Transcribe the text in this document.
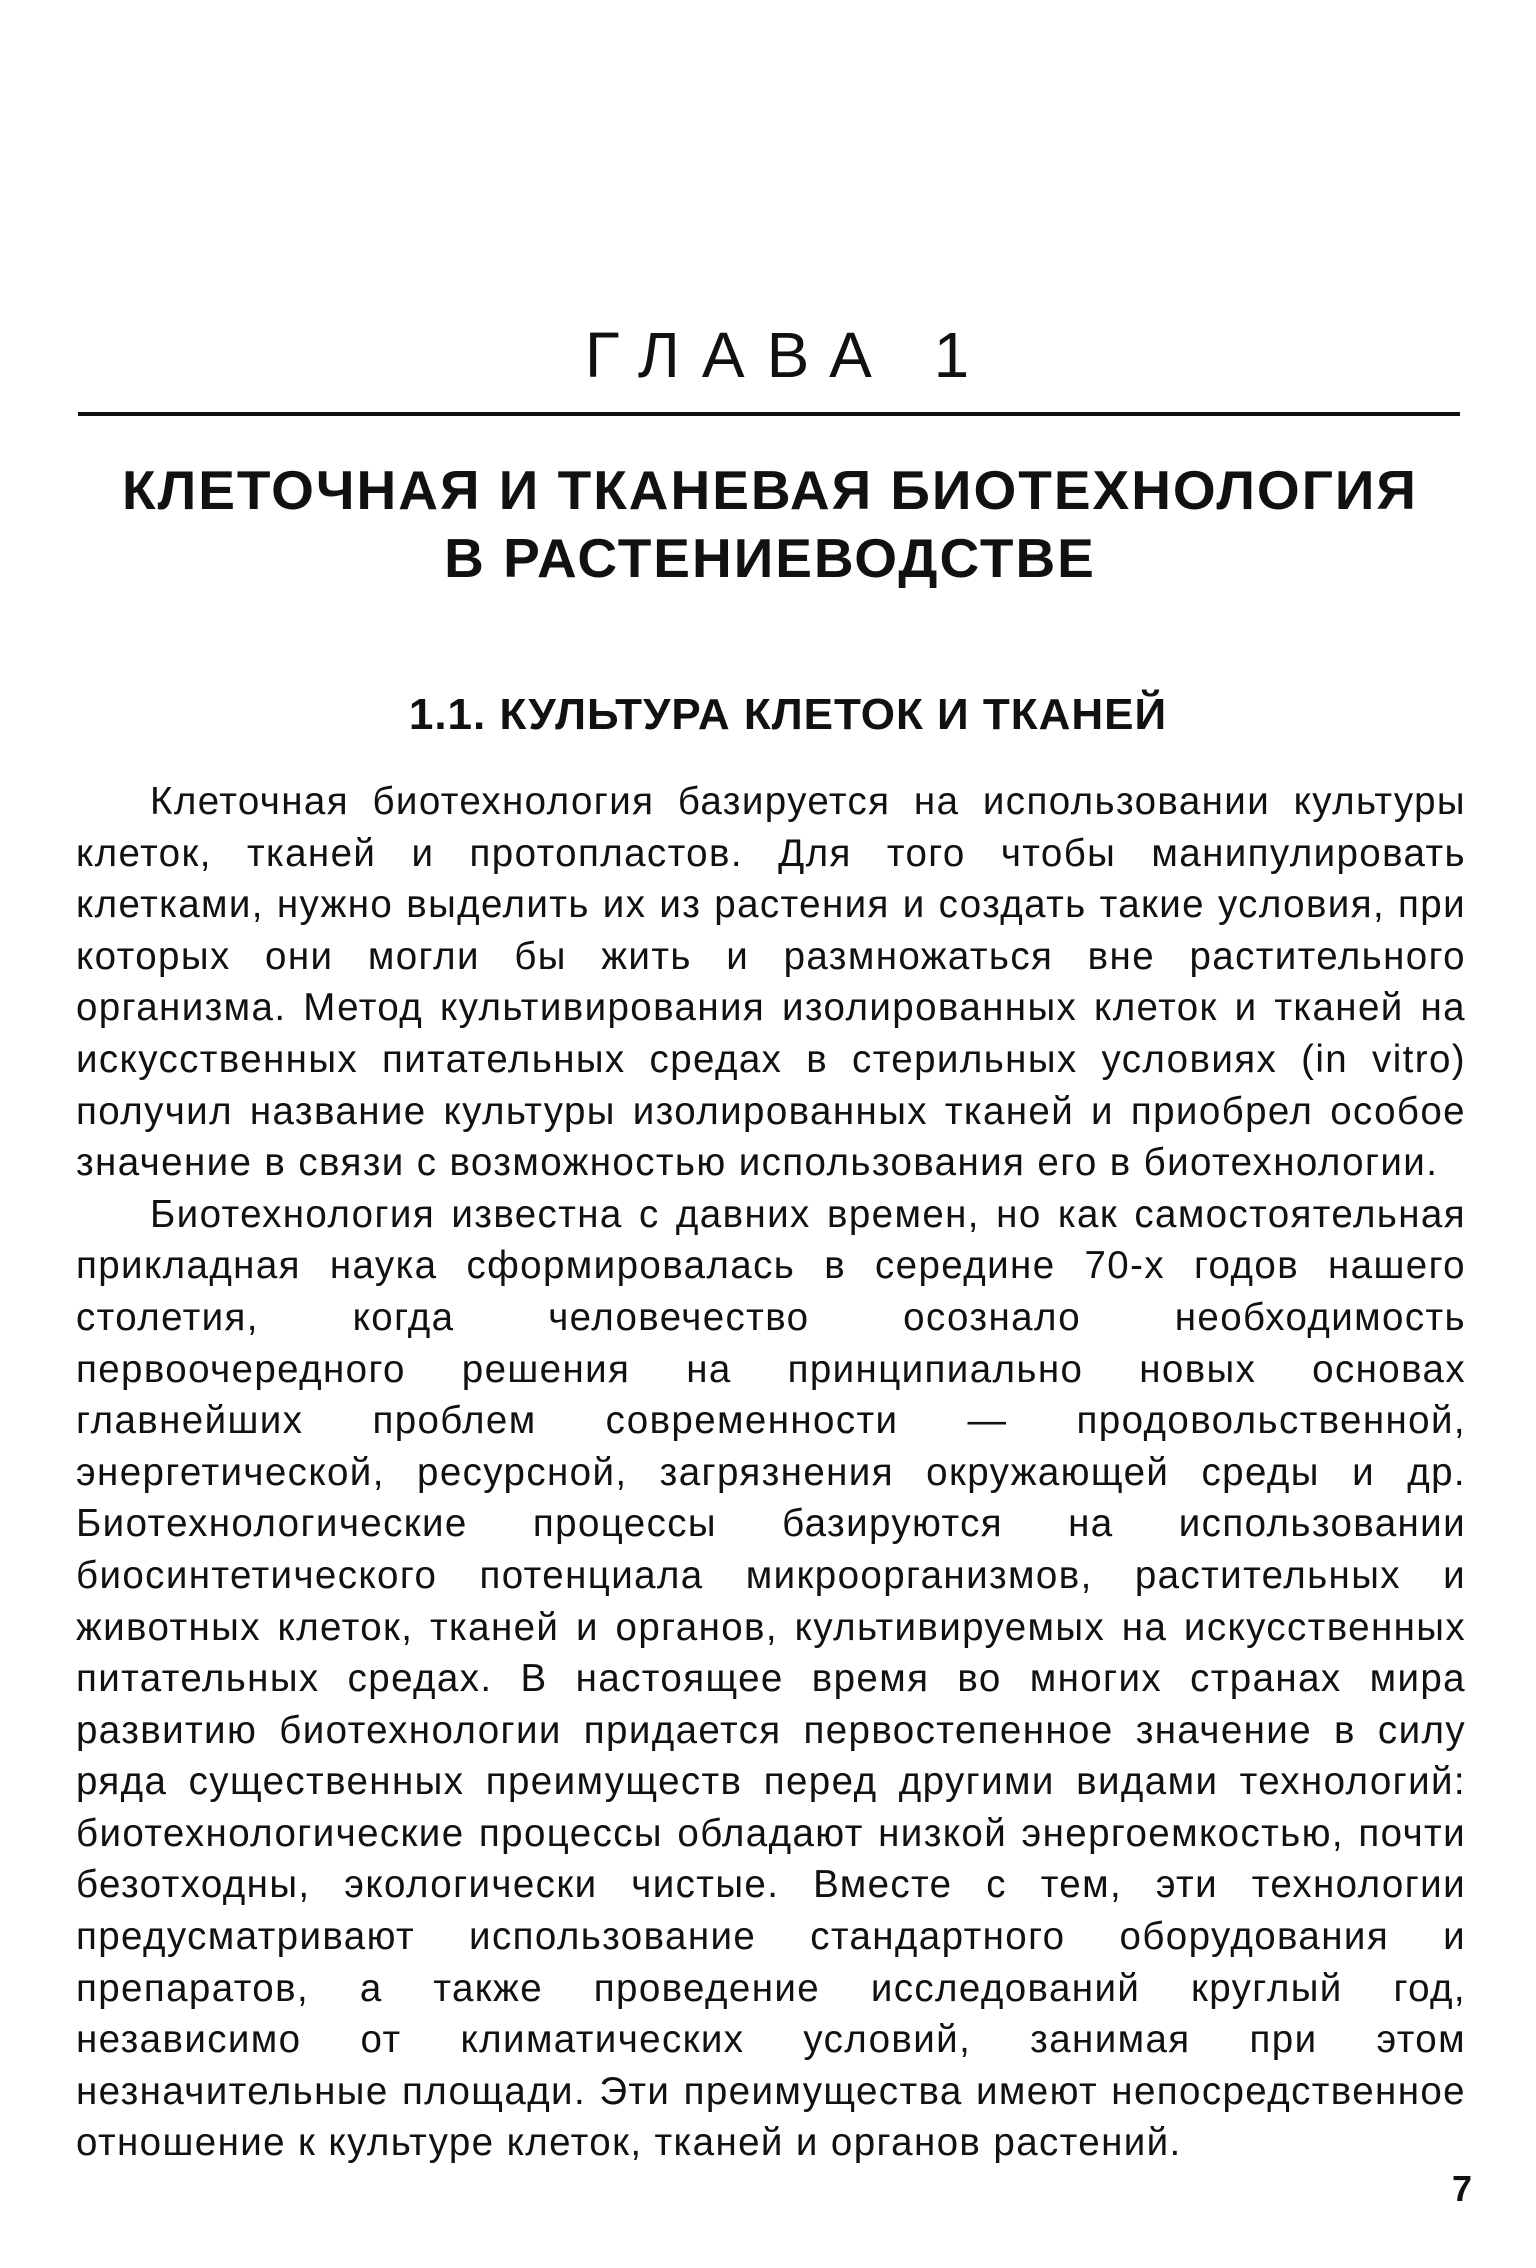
ГЛАВА 1
КЛЕТОЧНАЯ И ТКАНЕВАЯ БИОТЕХНОЛОГИЯ
В РАСТЕНИЕВОДСТВЕ
1.1. КУЛЬТУРА КЛЕТОК И ТКАНЕЙ

Клеточная биотехнология базируется на использовании культуры клеток, тканей и протопластов. Для того чтобы манипулировать клетками, нужно выделить их из растения и создать такие условия, при которых они могли бы жить и размножаться вне растительного организма. Метод культивирования изолированных клеток и тканей на искусственных питательных средах в стерильных условиях (in vitro) получил название культуры изолированных тканей и приобрел особое значение в связи с возможностью использования его в биотехнологии.

Биотехнология известна с давних времен, но как самостоятельная прикладная наука сформировалась в середине 70-х годов нашего столетия, когда человечество осознало необходимость первоочередного решения на принципиально новых основах главнейших проблем современности — продовольственной, энергетической, ресурсной, загрязнения окружающей среды и др. Биотехнологические процессы базируются на использовании биосинтетического потенциала микроорганизмов, растительных и животных клеток, тканей и органов, культивируемых на искусственных питательных средах. В настоящее время во многих странах мира развитию биотехнологии придается первостепенное значение в силу ряда существенных преимуществ перед другими видами технологий: биотехнологические процессы обладают низкой энергоемкостью, почти безотходны, экологически чистые. Вместе с тем, эти технологии предусматривают использование стандартного оборудования и препаратов, а также проведение исследований круглый год, независимо от климатических условий, занимая при этом незначительные площади. Эти преимущества имеют непосредственное отношение к культуре клеток, тканей и органов растений.

7
